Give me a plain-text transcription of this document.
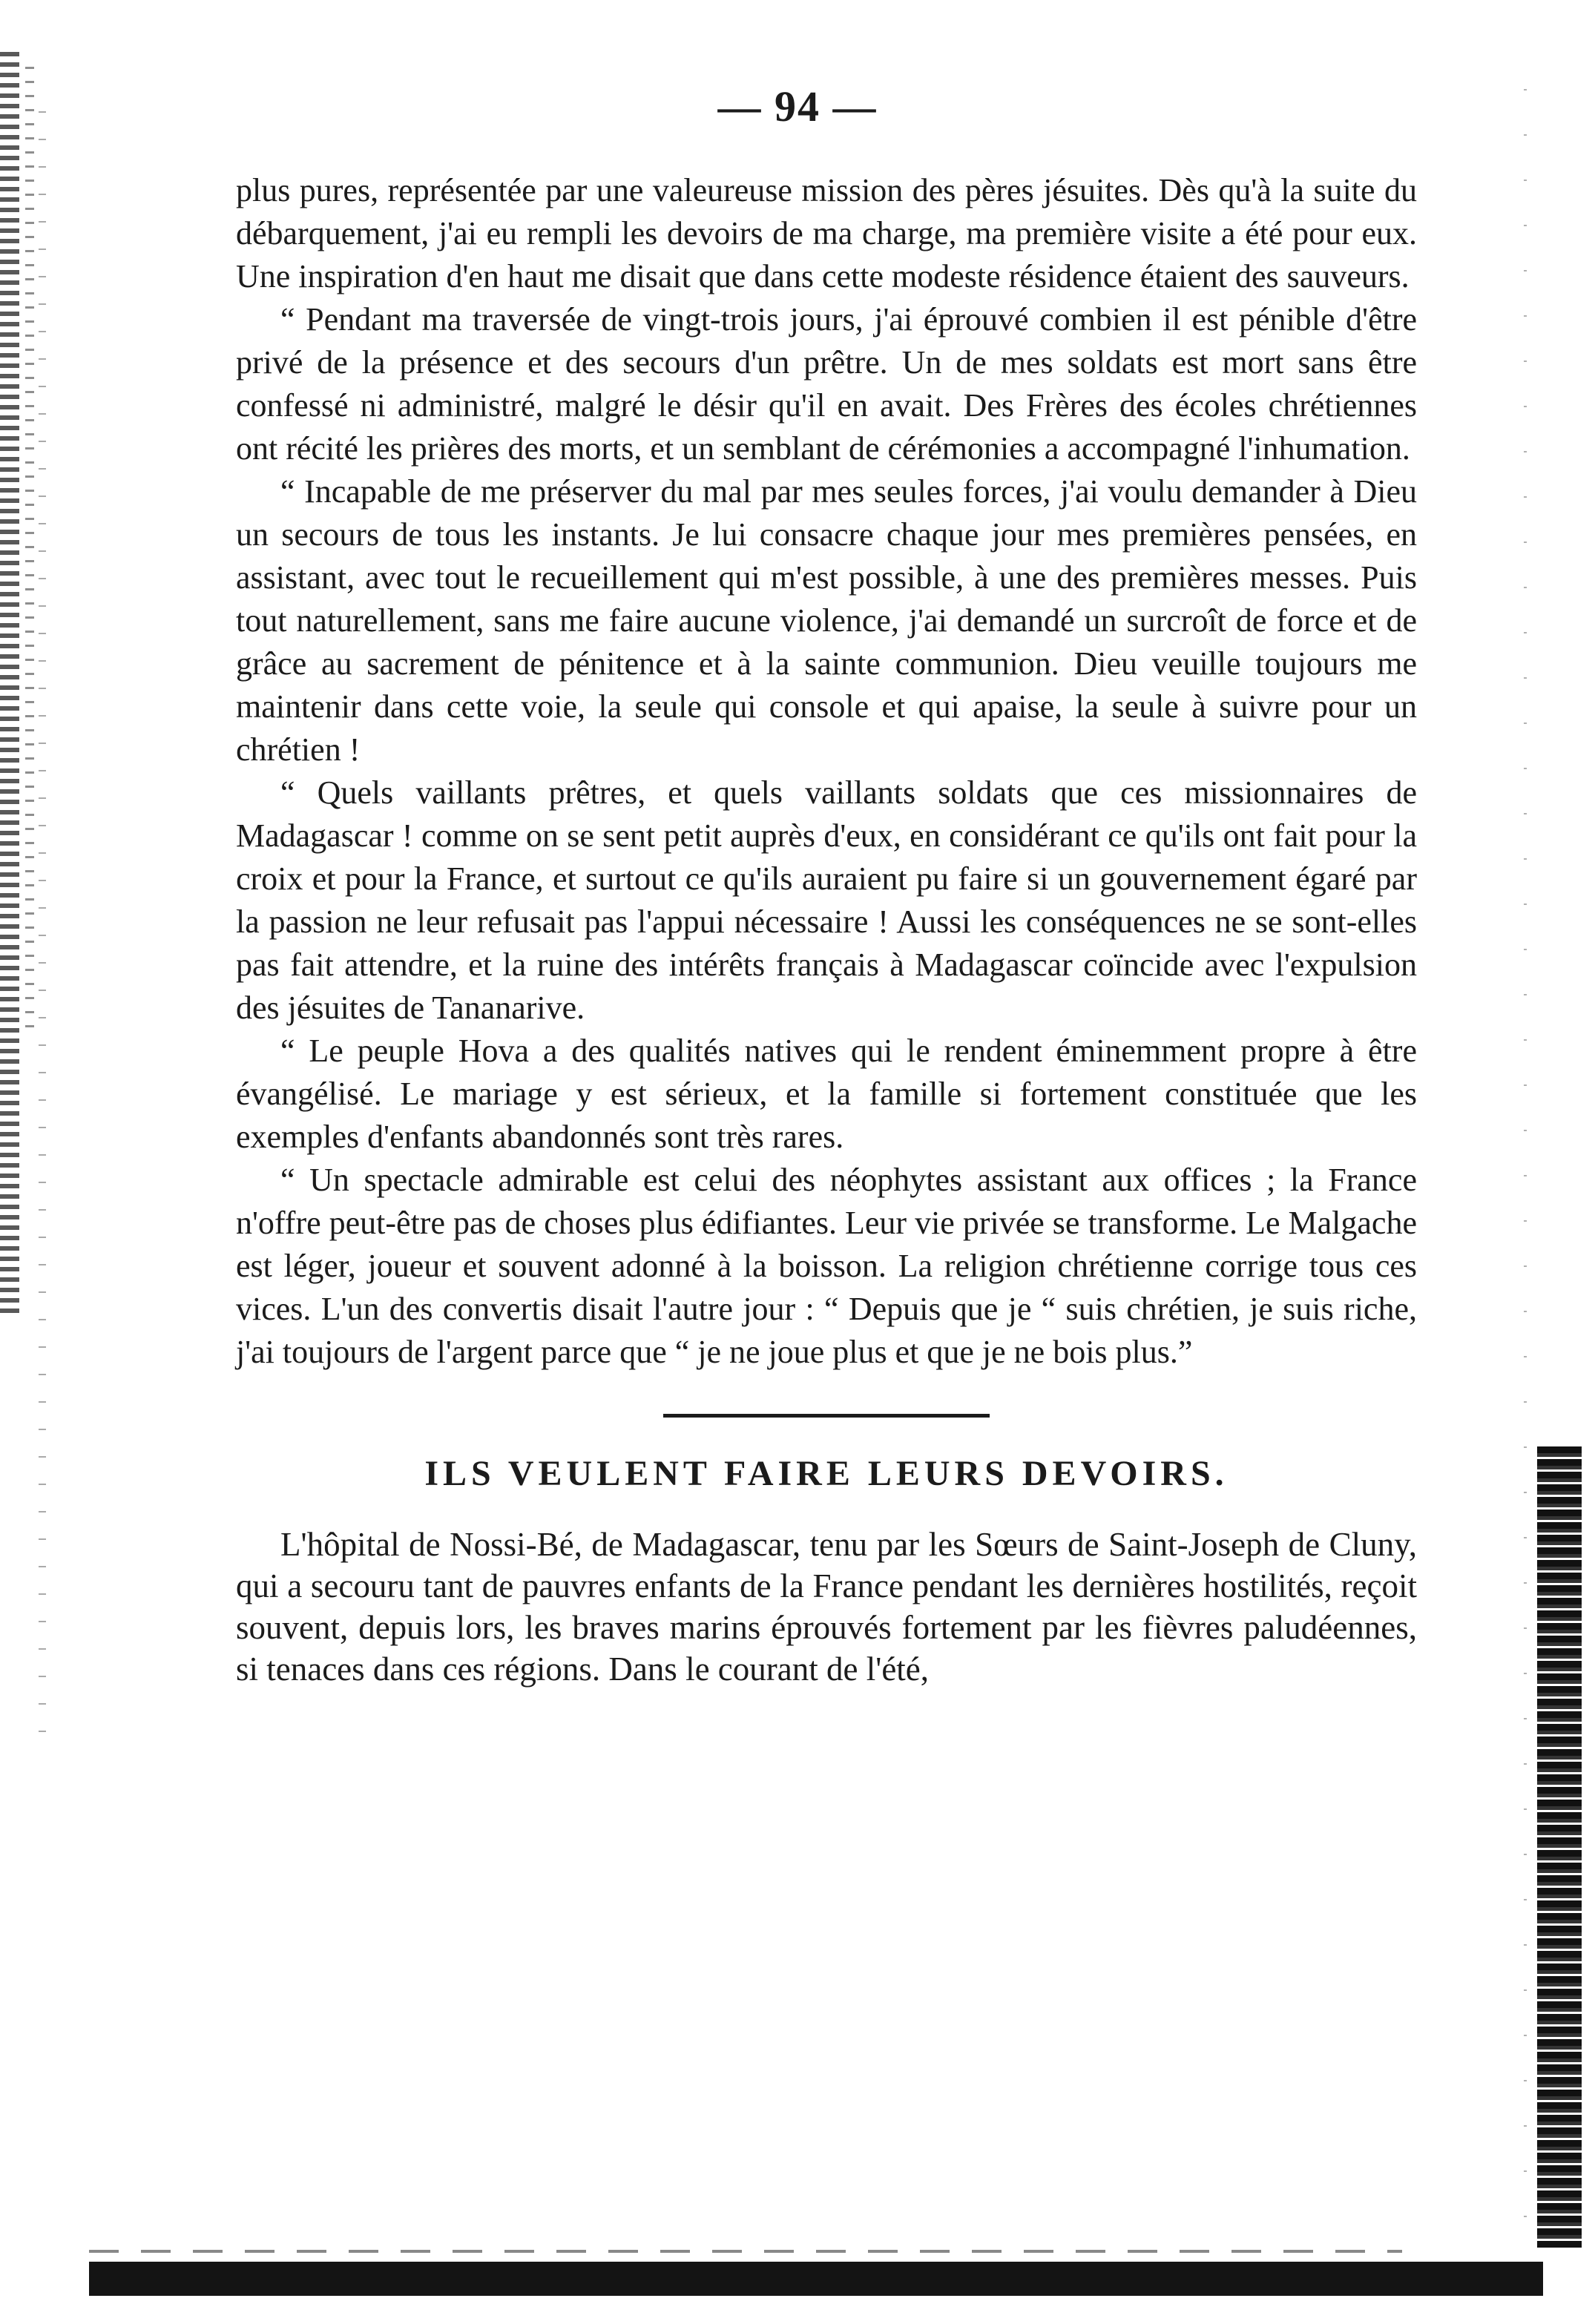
— 94 —

plus pures, représentée par une valeureuse mission des pères jésuites. Dès qu'à la suite du débarquement, j'ai eu rempli les devoirs de ma charge, ma première visite a été pour eux. Une inspiration d'en haut me disait que dans cette modeste résidence étaient des sauveurs.

“ Pendant ma traversée de vingt-trois jours, j'ai éprouvé combien il est pénible d'être privé de la présence et des secours d'un prêtre. Un de mes soldats est mort sans être confessé ni administré, malgré le désir qu'il en avait. Des Frères des écoles chrétiennes ont récité les prières des morts, et un semblant de cérémonies a accompagné l'inhumation.

“ Incapable de me préserver du mal par mes seules forces, j'ai voulu demander à Dieu un secours de tous les instants. Je lui consacre chaque jour mes premières pensées, en assistant, avec tout le recueillement qui m'est possible, à une des premières messes. Puis tout naturellement, sans me faire aucune violence, j'ai demandé un surcroît de force et de grâce au sacrement de pénitence et à la sainte communion. Dieu veuille toujours me maintenir dans cette voie, la seule qui console et qui apaise, la seule à suivre pour un chrétien !

“ Quels vaillants prêtres, et quels vaillants soldats que ces missionnaires de Madagascar ! comme on se sent petit auprès d'eux, en considérant ce qu'ils ont fait pour la croix et pour la France, et surtout ce qu'ils auraient pu faire si un gouvernement égaré par la passion ne leur refusait pas l'appui nécessaire ! Aussi les conséquences ne se sont-elles pas fait attendre, et la ruine des intérêts français à Madagascar coïncide avec l'expulsion des jésuites de Tananarive.

“ Le peuple Hova a des qualités natives qui le rendent éminemment propre à être évangélisé. Le mariage y est sérieux, et la famille si fortement constituée que les exemples d'enfants abandonnés sont très rares.

“ Un spectacle admirable est celui des néophytes assistant aux offices ; la France n'offre peut-être pas de choses plus édifiantes. Leur vie privée se transforme. Le Malgache est léger, joueur et souvent adonné à la boisson. La religion chrétienne corrige tous ces vices. L'un des convertis disait l'autre jour : “ Depuis que je “ suis chrétien, je suis riche, j'ai toujours de l'argent parce que “ je ne joue plus et que je ne bois plus.”

ILS VEULENT FAIRE LEURS DEVOIRS.

L'hôpital de Nossi-Bé, de Madagascar, tenu par les Sœurs de Saint-Joseph de Cluny, qui a secouru tant de pauvres enfants de la France pendant les dernières hostilités, reçoit souvent, depuis lors, les braves marins éprouvés fortement par les fièvres paludéennes, si tenaces dans ces régions. Dans le courant de l'été,
